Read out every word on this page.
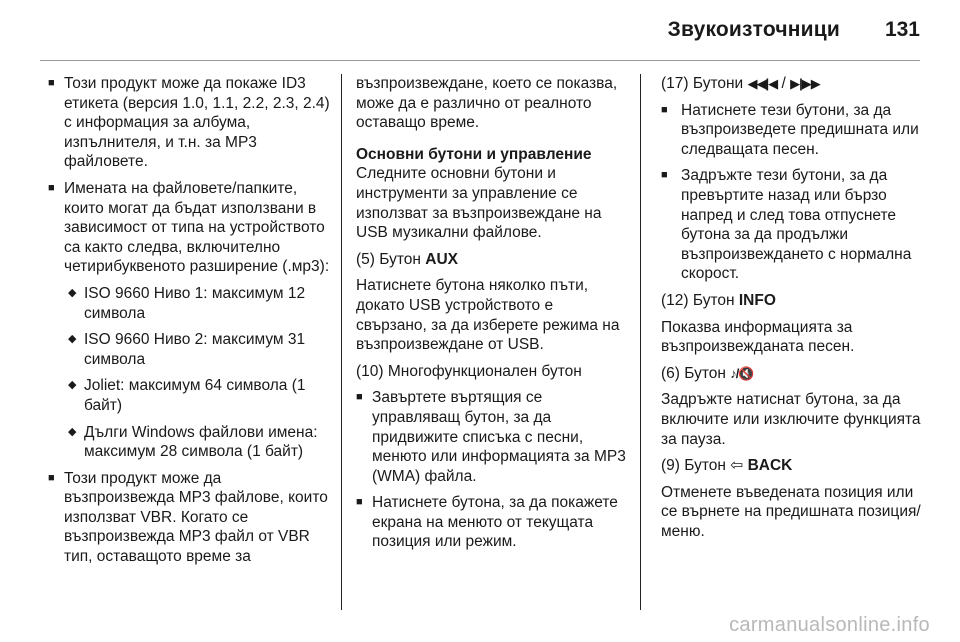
Звукоизточници 131
■ Този продукт може да покаже ID3 етикета (версия 1.0, 1.1, 2.2, 2.3, 2.4) с информация за албума, изпълнителя, и т.н. за MP3 файловете.
■ Имената на файловете/папките, които могат да бъдат използвани в зависимост от типа на устройството са както следва, включително четирибуквеното разширение (.мp3):
◆ ISO 9660 Ниво 1: максимум 12 символа
◆ ISO 9660 Ниво 2: максимум 31 символа
◆ Joliet: максимум 64 символа (1 байт)
◆ Дълги Windows файлови имена: максимум 28 символа (1 байт)
■ Този продукт може да възпроизвежда MP3 файлове, които използват VBR. Когато се възпроизвежда MP3 файл от VBR тип, оставащото време за

възпроизвеждане, което се показва, може да е различно от реалното оставащо време.

Основни бутони и управление

Следните основни бутони и инструменти за управление се използват за възпроизвеждане на USB музикални файлове.

(5) Бутон AUX

Натиснете бутона няколко пъти, докато USB устройството е свързано, за да изберете режима на възпроизвеждане от USB.

(10) Многофункционален бутон

■ Завъртете въртящия се управляващ бутон, за да придвижите списъка с песни, менюто или информацията за MP3 (WMA) файла.
■ Натиснете бутона, за да покажете екрана на менюто от текущата позиция или режим.

(17) Бутони ◀◀|◀ / ▶|▶▶

■ Натиснете тези бутони, за да възпроизведете предишната или следващата песен.
■ Задръжте тези бутони, за да превъртите назад или бързо напред и след това отпуснете бутона за да продължи възпроизвеждането с нормална скорост.

(12) Бутон INFO

Показва информацията за възпроизвежданата песен.

(6) Бутон ♪/🔇

Задръжте натиснат бутона, за да включите или изключите функцията за пауза.

(9) Бутон ⇦ BACK

Отменете въведената позиция или се върнете на предишната позиция/меню.

carmanualsonline.info
